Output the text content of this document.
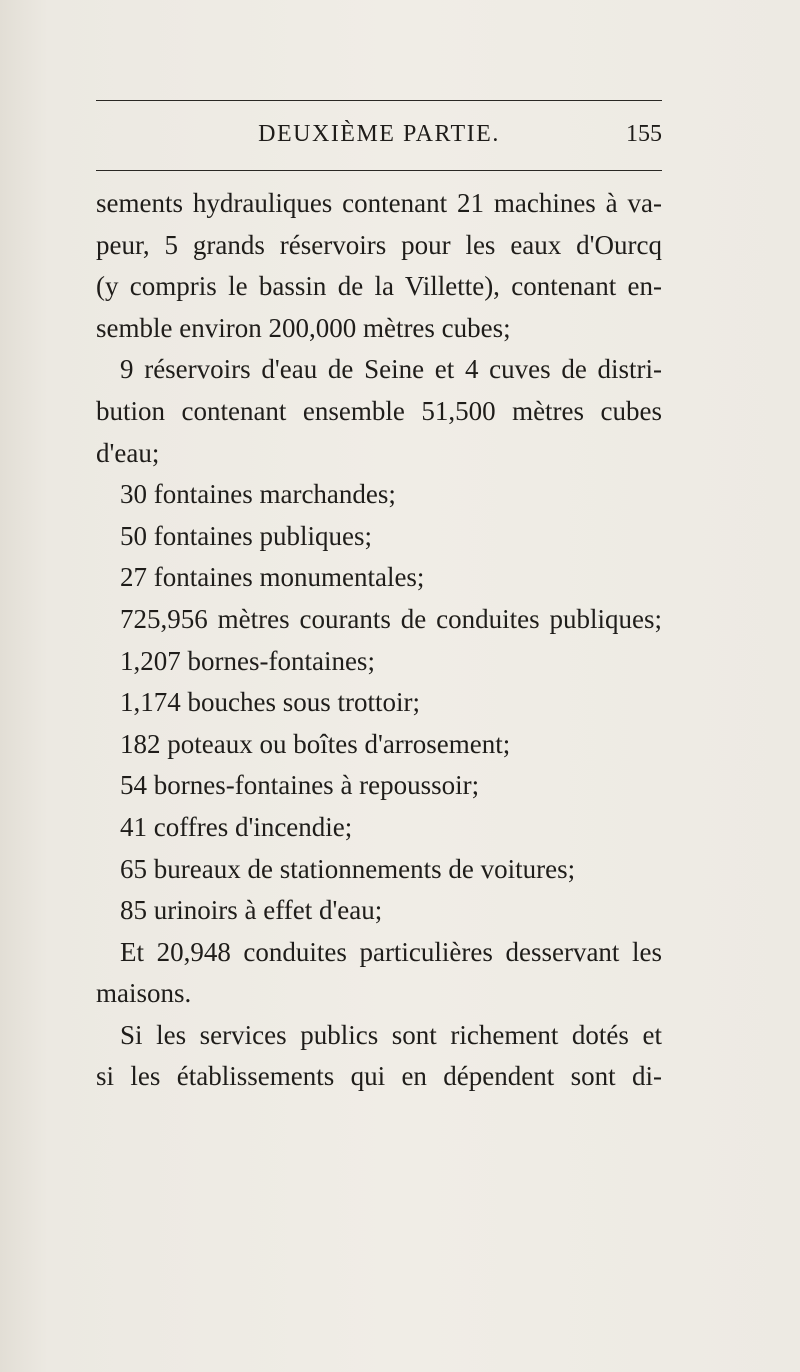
DEUXIÈME PARTIE.	155
sements hydrauliques contenant 21 machines à va-
peur, 5 grands réservoirs pour les eaux d'Ourcq
(y compris le bassin de la Villette), contenant en-
semble environ 200,000 mètres cubes;
9 réservoirs d'eau de Seine et 4 cuves de distri-
bution contenant ensemble 51,500 mètres cubes
d'eau;
30 fontaines marchandes;
50 fontaines publiques;
27 fontaines monumentales;
725,956 mètres courants de conduites publiques;
1,207 bornes-fontaines;
1,174 bouches sous trottoir;
182 poteaux ou boîtes d'arrosement;
54 bornes-fontaines à repoussoir;
41 coffres d'incendie;
65 bureaux de stationnements de voitures;
85 urinoirs à effet d'eau;
Et 20,948 conduites particulières desservant les
maisons.
Si les services publics sont richement dotés et
si les établissements qui en dépendent sont di-
